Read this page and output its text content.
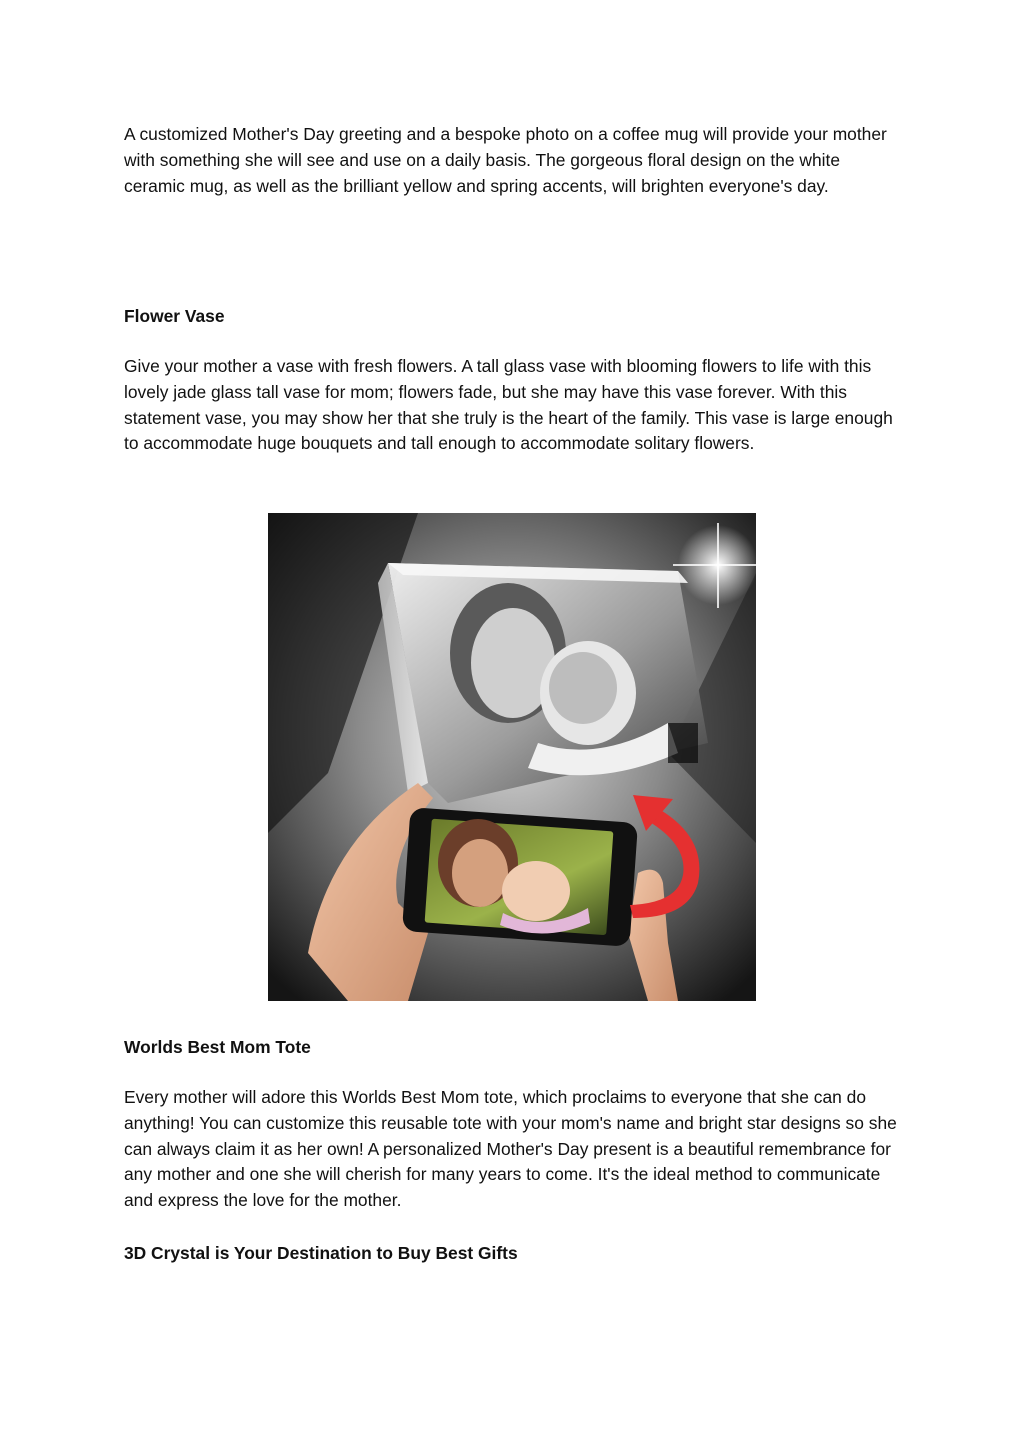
A customized Mother's Day greeting and a bespoke photo on a coffee mug will provide your mother with something she will see and use on a daily basis. The gorgeous floral design on the white ceramic mug, as well as the brilliant yellow and spring accents, will brighten everyone's day.

Flower Vase

Give your mother a vase with fresh flowers. A tall glass vase with blooming flowers to life with this lovely jade glass tall vase for mom; flowers fade, but she may have this vase forever. With this statement vase, you may show her that she truly is the heart of the family. This vase is large enough to accommodate huge bouquets and tall enough to accommodate solitary flowers.

Worlds Best Mom Tote

Every mother will adore this Worlds Best Mom tote, which proclaims to everyone that she can do anything! You can customize this reusable tote with your mom's name and bright star designs so she can always claim it as her own! A personalized Mother's Day present is a beautiful remembrance for any mother and one she will cherish for many years to come. It's the ideal method to communicate and express the love for the mother.

3D Crystal is Your Destination to Buy Best Gifts
